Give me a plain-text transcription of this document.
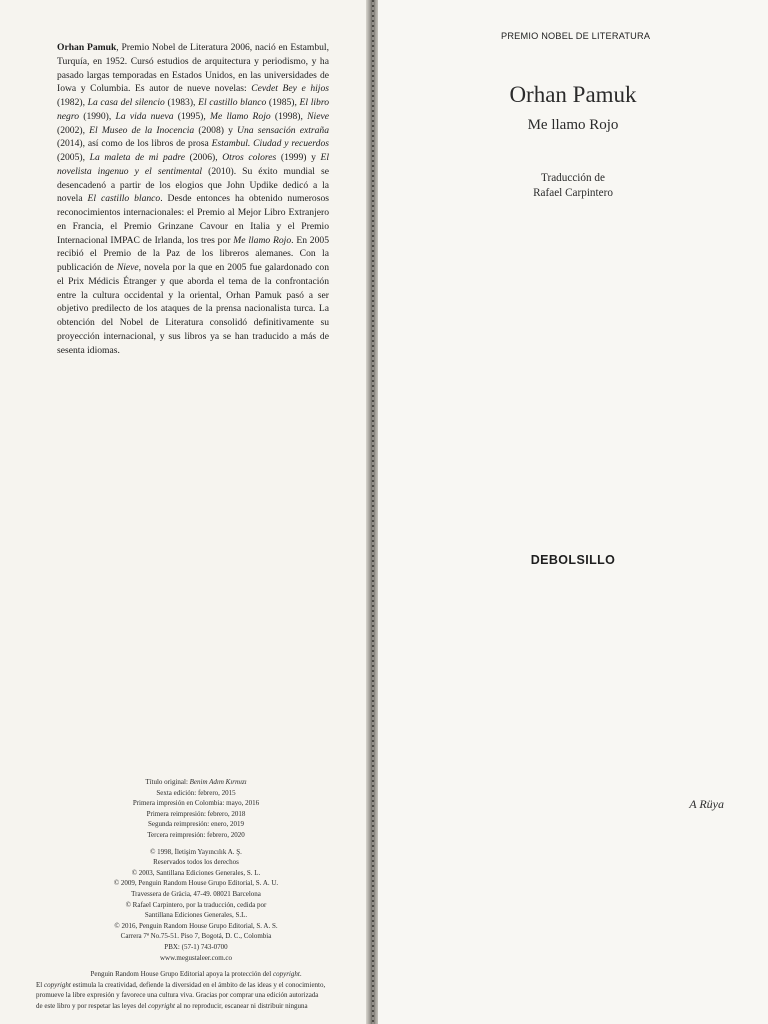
Orhan Pamuk, Premio Nobel de Literatura 2006, nació en Estambul, Turquía, en 1952. Cursó estudios de arquitectura y periodismo, y ha pasado largas temporadas en Estados Unidos, en las universidades de Iowa y Columbia. Es autor de nueve novelas: Cevdet Bey e hijos (1982), La casa del silencio (1983), El castillo blanco (1985), El libro negro (1990), La vida nueva (1995), Me llamo Rojo (1998), Nieve (2002), El Museo de la Inocencia (2008) y Una sensación extraña (2014), así como de los libros de prosa Estambul. Ciudad y recuerdos (2005), La maleta de mi padre (2006), Otros colores (1999) y El novelista ingenuo y el sentimental (2010). Su éxito mundial se desencadenó a partir de los elogios que John Updike dedicó a la novela El castillo blanco. Desde entonces ha obtenido numerosos reconocimientos internacionales: el Premio al Mejor Libro Extranjero en Francia, el Premio Grinzane Cavour en Italia y el Premio Internacional IMPAC de Irlanda, los tres por Me llamo Rojo. En 2005 recibió el Premio de la Paz de los libreros alemanes. Con la publicación de Nieve, novela por la que en 2005 fue galardonado con el Prix Médicis Étranger y que aborda el tema de la confrontación entre la cultura occidental y la oriental, Orhan Pamuk pasó a ser objetivo predilecto de los ataques de la prensa nacionalista turca. La obtención del Nobel de Literatura consolidó definitivamente su proyección internacional, y sus libros ya se han traducido a más de sesenta idiomas.

Título original: Benim Adım Kırmızı
Sexta edición: febrero, 2015
Primera impresión en Colombia: mayo, 2016
Primera reimpresión: febrero, 2018
Segunda reimpresión: enero, 2019
Tercera reimpresión: febrero, 2020
© 1998, İletişim Yayıncılık A. Ş.
Reservados todos los derechos
© 2003, Santillana Ediciones Generales, S. L.
© 2009, Penguin Random House Grupo Editorial, S. A. U.
Travessera de Gràcia, 47-49. 08021 Barcelona
© Rafael Carpintero, por la traducción, cedida por
Santillana Ediciones Generales, S.L.
© 2016, Penguin Random House Grupo Editorial, S. A. S.
Carrera 7ª No.75-51. Piso 7, Bogotá, D. C., Colombia
PBX: (57-1) 743-0700
www.megustaleer.com.co
Penguin Random House Grupo Editorial apoya la protección del copyright.
El copyright estimula la creatividad, defiende la diversidad en el ámbito de las ideas y el conocimiento,
promueve la libre expresión y favorece una cultura viva. Gracias por comprar una edición autorizada
de este libro y por respetar las leyes del copyright al no reproducir, escanear ni distribuir ninguna
PREMIO NOBEL DE LITERATURA
Orhan Pamuk
Me llamo Rojo
Traducción de
Rafael Carpintero
DEBOLSILLO
A Rüya
